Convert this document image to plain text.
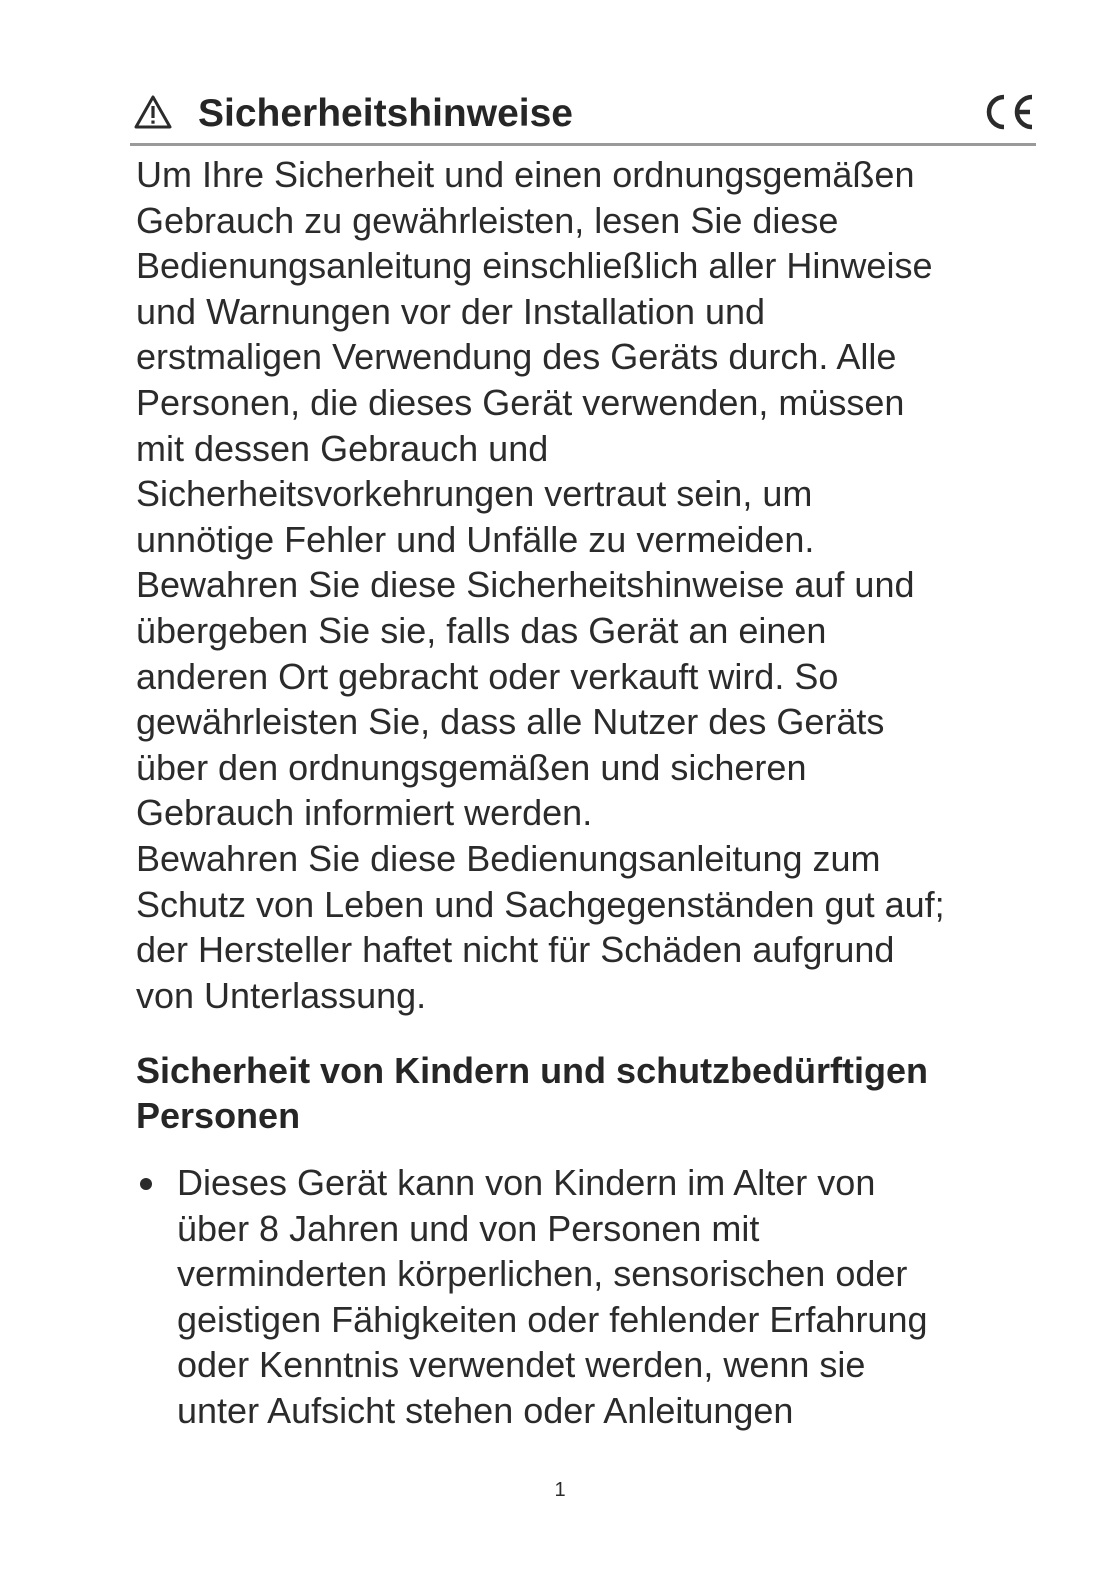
Sicherheitshinweise

Um Ihre Sicherheit und einen ordnungsgemäßen
Gebrauch zu gewährleisten, lesen Sie diese
Bedienungsanleitung einschließlich aller Hinweise
und Warnungen vor der Installation und
erstmaligen Verwendung des Geräts durch. Alle
Personen, die dieses Gerät verwenden, müssen
mit dessen Gebrauch und
Sicherheitsvorkehrungen vertraut sein, um
unnötige Fehler und Unfälle zu vermeiden.
Bewahren Sie diese Sicherheitshinweise auf und
übergeben Sie sie, falls das Gerät an einen
anderen Ort gebracht oder verkauft wird. So
gewährleisten Sie, dass alle Nutzer des Geräts
über den ordnungsgemäßen und sicheren
Gebrauch informiert werden.
Bewahren Sie diese Bedienungsanleitung zum
Schutz von Leben und Sachgegenständen gut auf;
der Hersteller haftet nicht für Schäden aufgrund
von Unterlassung.

Sicherheit von Kindern und schutzbedürftigen
Personen
Dieses Gerät kann von Kindern im Alter von
über 8 Jahren und von Personen mit
verminderten körperlichen, sensorischen oder
geistigen Fähigkeiten oder fehlender Erfahrung
oder Kenntnis verwendet werden, wenn sie
unter Aufsicht stehen oder Anleitungen
1
